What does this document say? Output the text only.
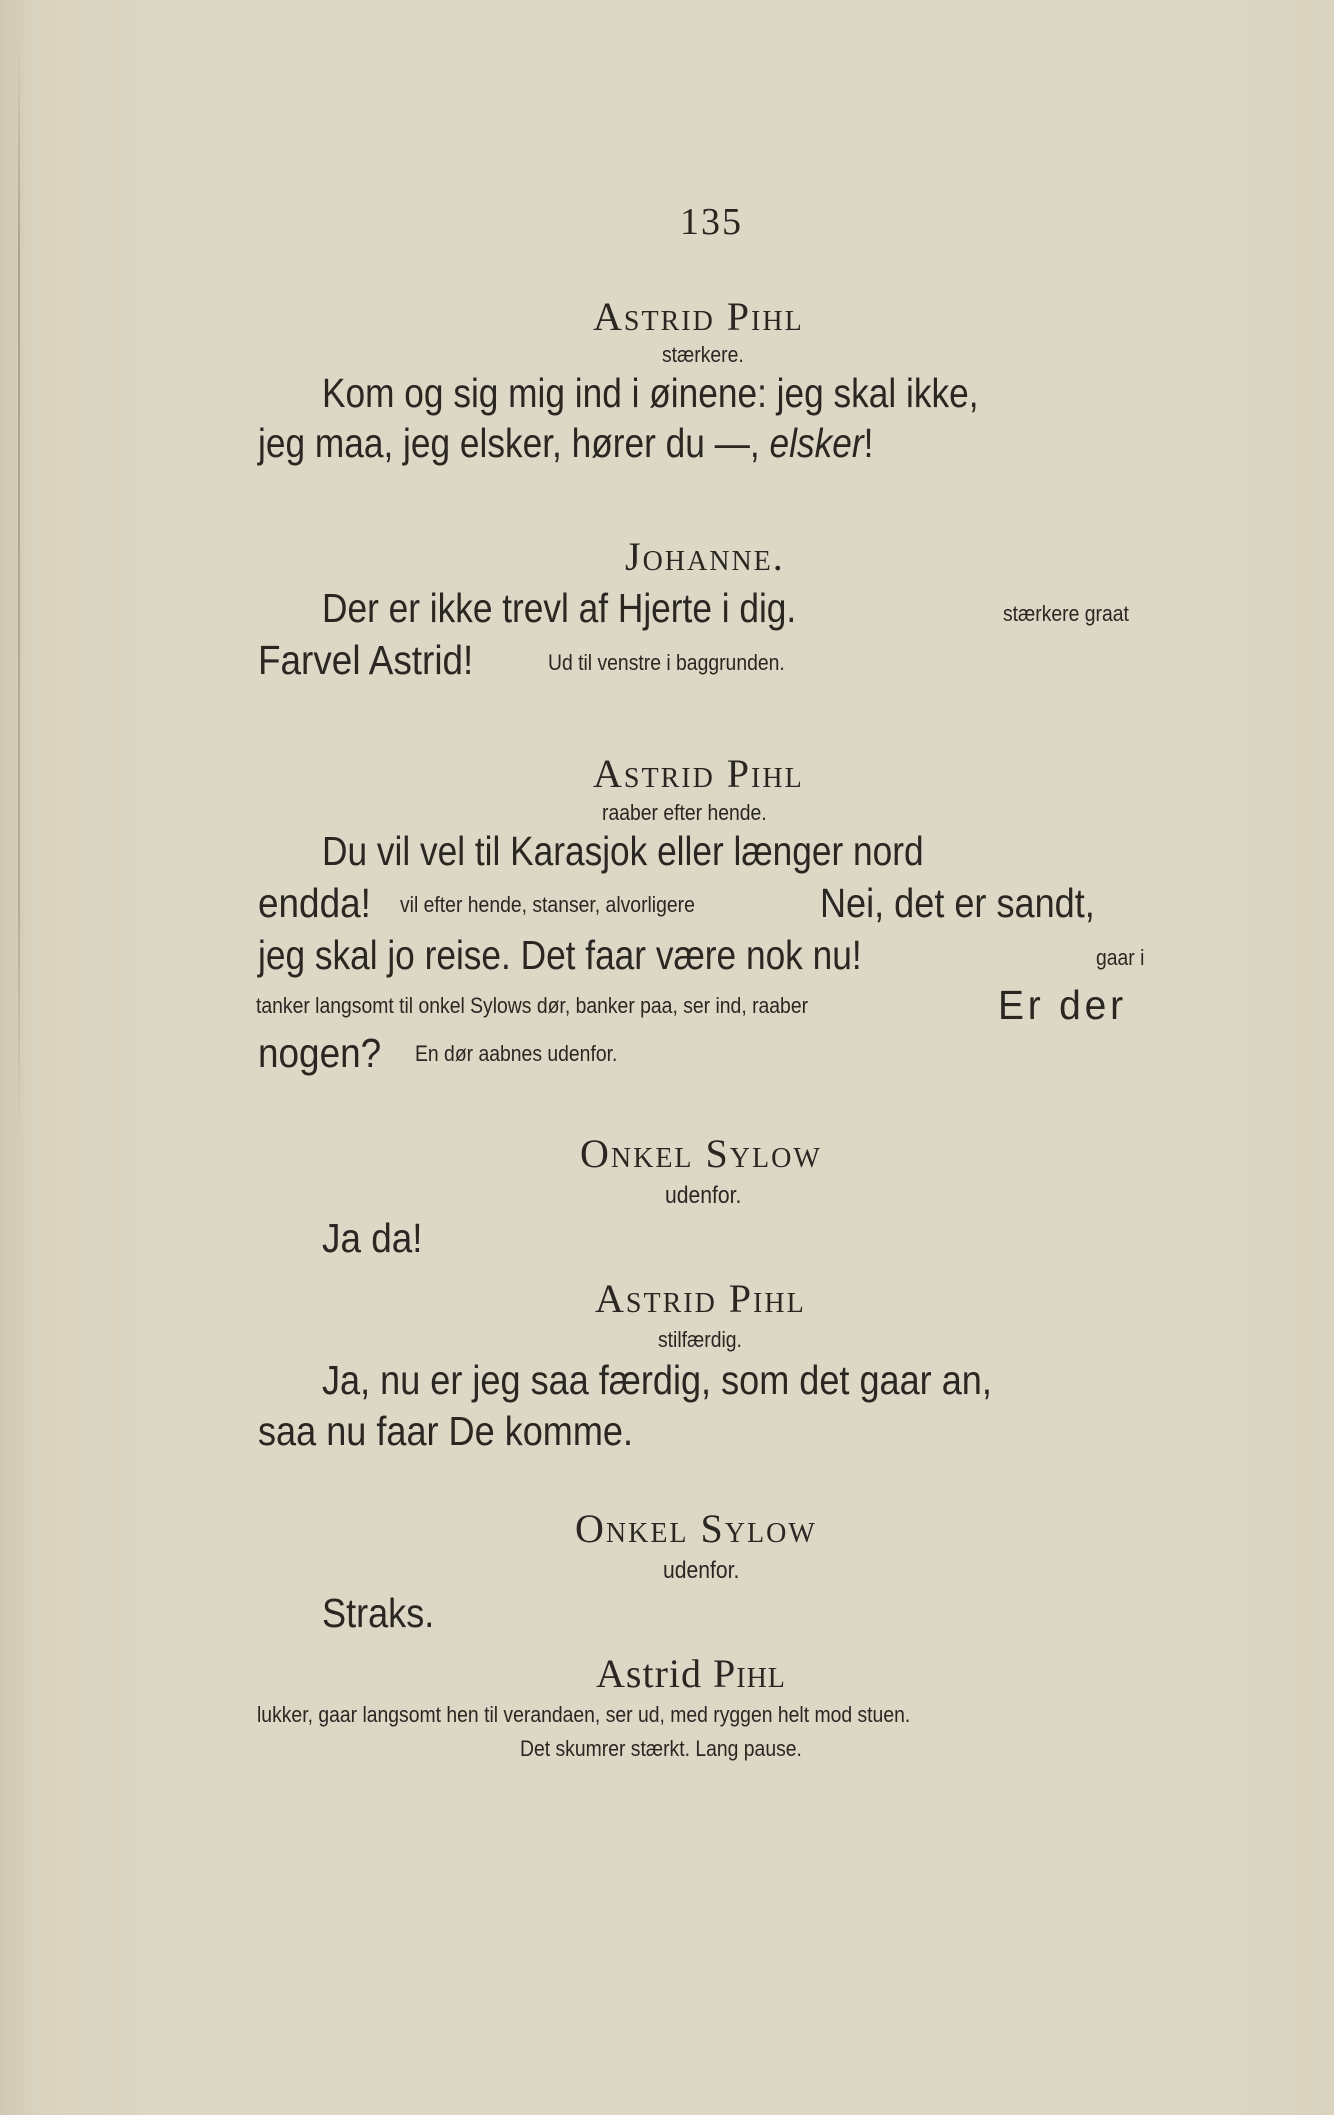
135
Astrid Pihl
stærkere.
Kom og sig mig ind i øinene: jeg skal ikke,
jeg maa, jeg elsker, hører du —, elsker!
Johanne.
Der er ikke trevl af Hjerte i dig.	stærkere graat
Farvel Astrid!	Ud til venstre i baggrunden.
Astrid Pihl
raaber efter hende.
Du vil vel til Karasjok eller længer nord
endda! vil efter hende, stanser, alvorligere	Nei, det er sandt,
jeg skal jo reise. Det faar være nok nu!	gaar i
tanker langsomt til onkel Sylows dør, banker paa, ser ind, raaber	Er der
nogen? En dør aabnes udenfor.
Onkel Sylow
udenfor.
Ja da!
Astrid Pihl
stilfærdig.
Ja, nu er jeg saa færdig, som det gaar an,
saa nu faar De komme.
Onkel Sylow
udenfor.
Straks.
Astrid Pihl
lukker, gaar langsomt hen til verandaen, ser ud, med ryggen helt mod stuen.
Det skumrer stærkt. Lang pause.
